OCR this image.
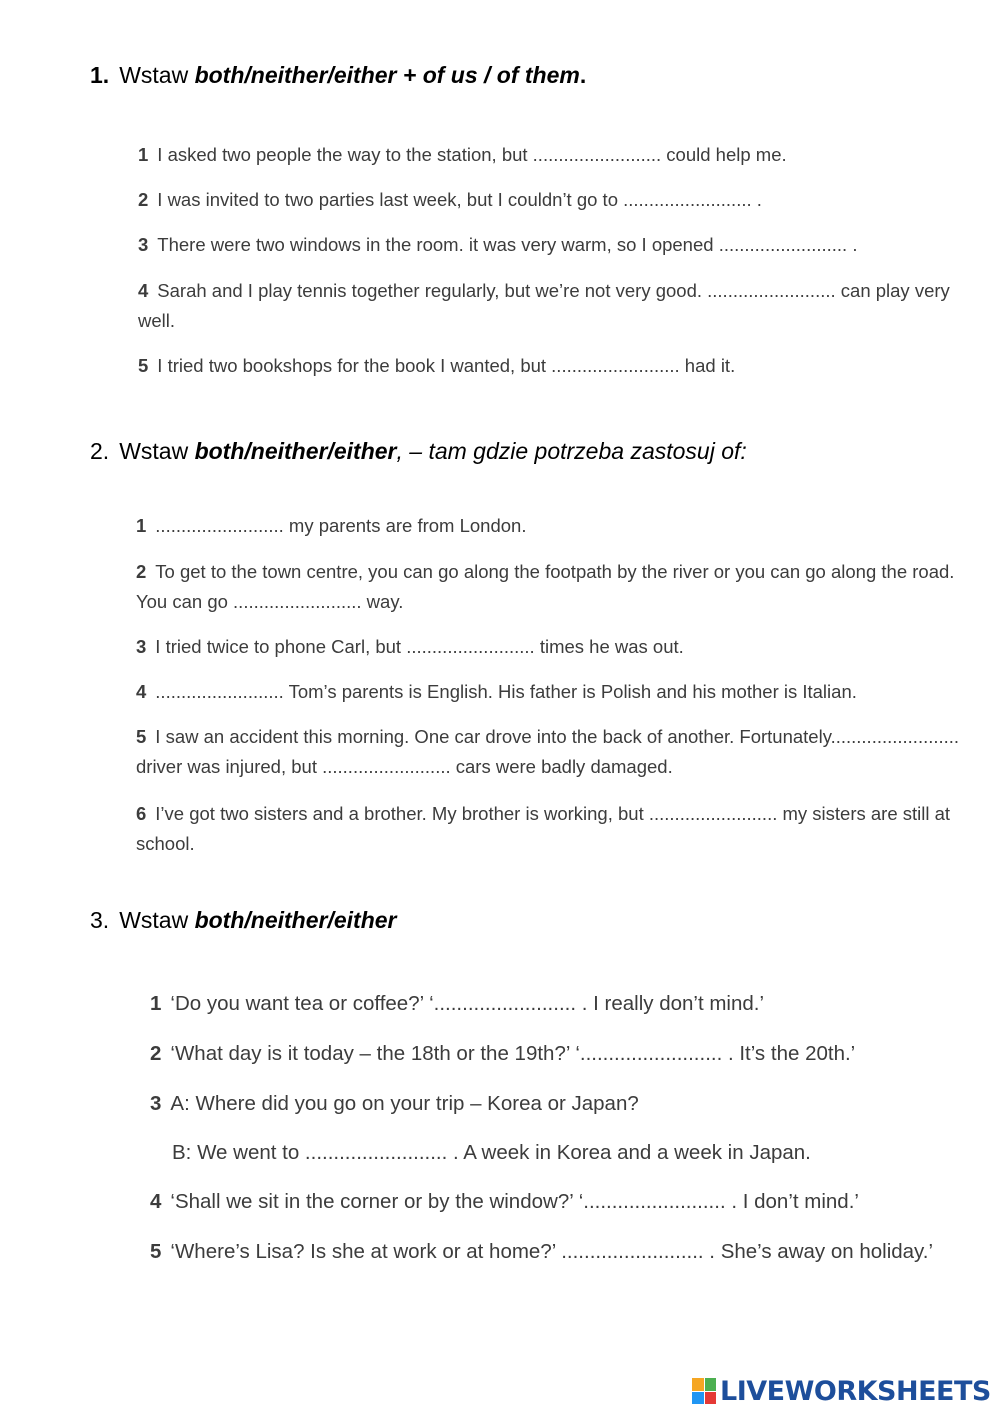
1. Wstaw both/neither/either + of us / of them.
1 I asked two people the way to the station, but ......................... could help me.
2 I was invited to two parties last week, but I couldn’t go to ......................... .
3 There were two windows in the room. it was very warm, so I opened ......................... .
4 Sarah and I play tennis together regularly, but we’re not very good. ......................... can play very well.
5 I tried two bookshops for the book I wanted, but ......................... had it.
2. Wstaw both/neither/either, – tam gdzie potrzeba zastosuj of:
1 ......................... my parents are from London.
2 To get to the town centre, you can go along the footpath by the river or you can go along the road. You can go ......................... way.
3 I tried twice to phone Carl, but ......................... times he was out.
4 ......................... Tom’s parents is English. His father is Polish and his mother is Italian.
5 I saw an accident this morning. One car drove into the back of another. Fortunately......................... driver was injured, but ......................... cars were badly damaged.
6 I’ve got two sisters and a brother. My brother is working, but ......................... my sisters are still at school.
3. Wstaw both/neither/either
1 ‘Do you want tea or coffee?’ ‘......................... . I really don’t mind.’
2 ‘What day is it today – the 18th or the 19th?’ ‘......................... . It’s the 20th.’
3 A: Where did you go on your trip – Korea or Japan?
B: We went to ......................... . A week in Korea and a week in Japan.
4 ‘Shall we sit in the corner or by the window?’ ‘......................... . I don’t mind.’
5 ‘Where’s Lisa? Is she at work or at home?’ ......................... . She’s away on holiday.’
LIVEWORKSHEETS
